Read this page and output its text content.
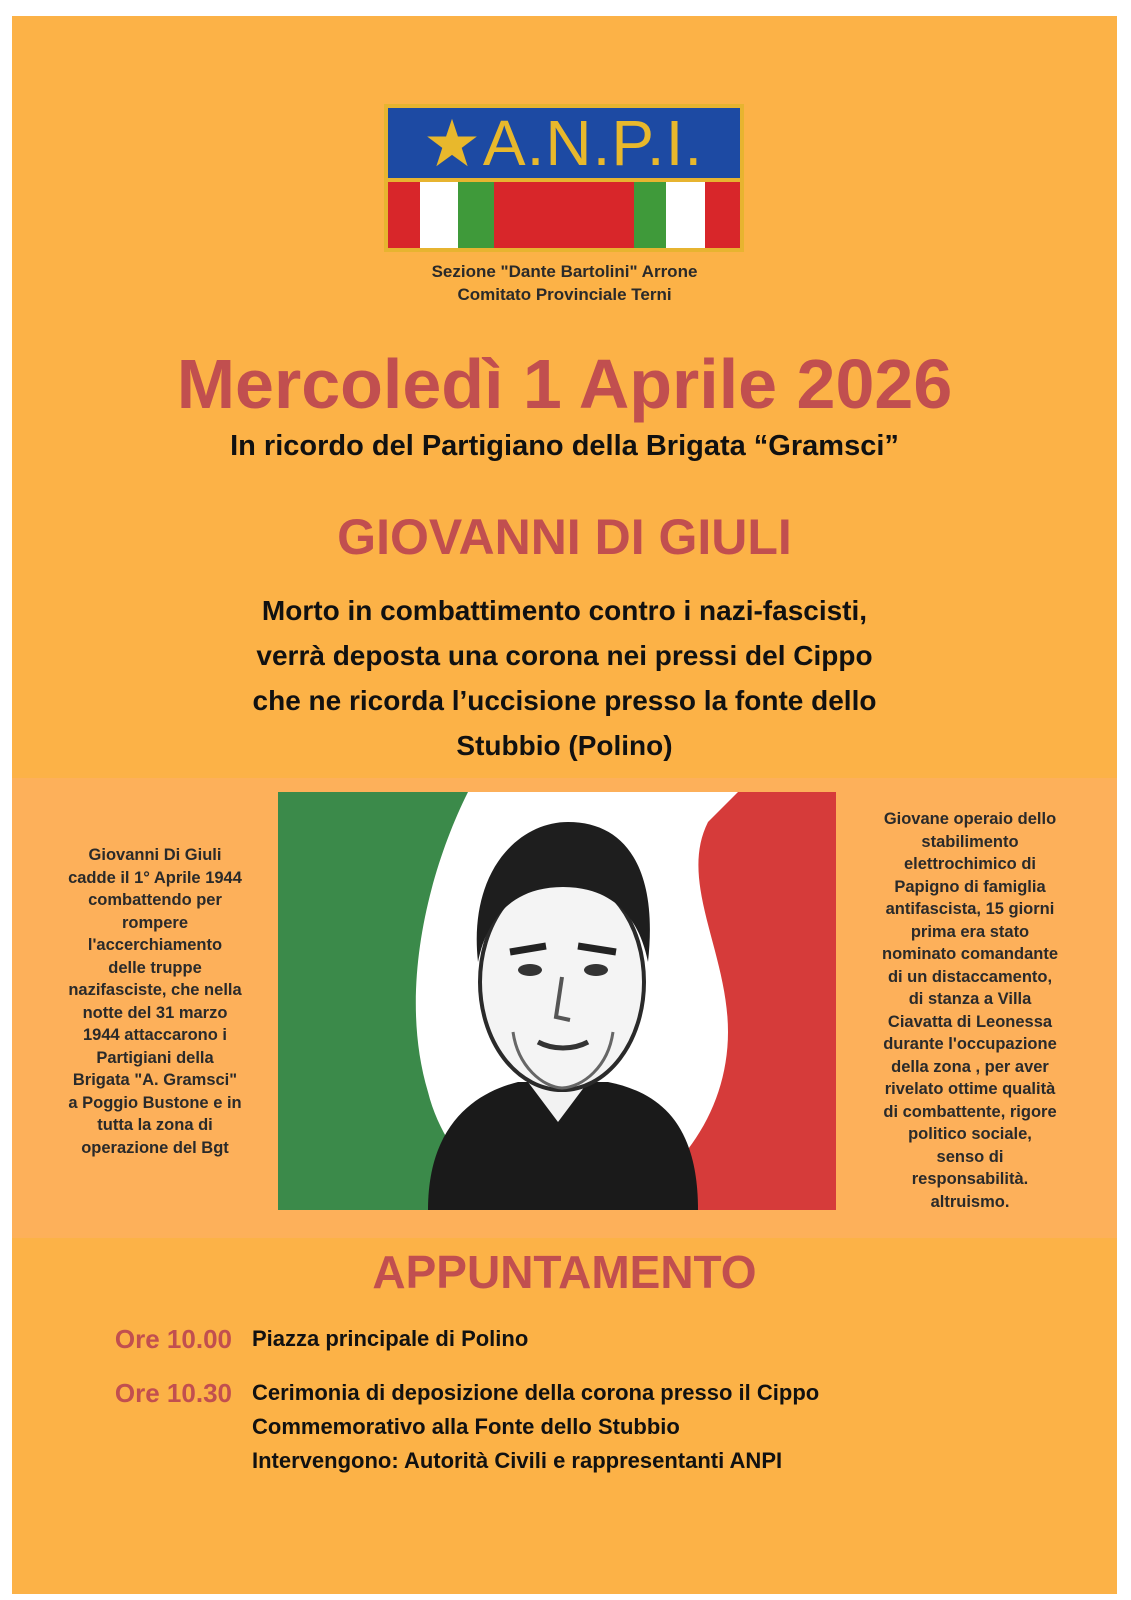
A.N.P.I.
Sezione "Dante Bartolini" Arrone
Comitato Provinciale Terni
Mercoledì 1 Aprile 2026
In ricordo del Partigiano della Brigata “Gramsci”
GIOVANNI DI GIULI
Morto in combattimento contro i nazi-fascisti,
verrà deposta una corona nei pressi del Cippo
che ne ricorda l’uccisione presso la fonte dello
Stubbio (Polino)
Giovanni Di Giuli
cadde il 1° Aprile 1944
combattendo per
rompere
l'accerchiamento
delle truppe
nazifasciste, che nella
notte del 31 marzo
1944 attaccarono i
Partigiani della
Brigata "A. Gramsci"
a Poggio Bustone e in
tutta la zona di
operazione del Bgt
Giovane operaio dello
stabilimento
elettrochimico di
Papigno di famiglia
antifascista, 15 giorni
prima era stato
nominato comandante
di un distaccamento,
di stanza a Villa
Ciavatta di Leonessa
durante l'occupazione
della zona , per aver
rivelato ottime qualità
di combattente, rigore
politico sociale,
senso di
responsabilità.
altruismo.
APPUNTAMENTO
Ore 10.00 Piazza principale di Polino
Ore 10.30 Cerimonia di deposizione della corona presso il Cippo
Commemorativo alla Fonte dello Stubbio
Intervengono: Autorità Civili e rappresentanti ANPI
